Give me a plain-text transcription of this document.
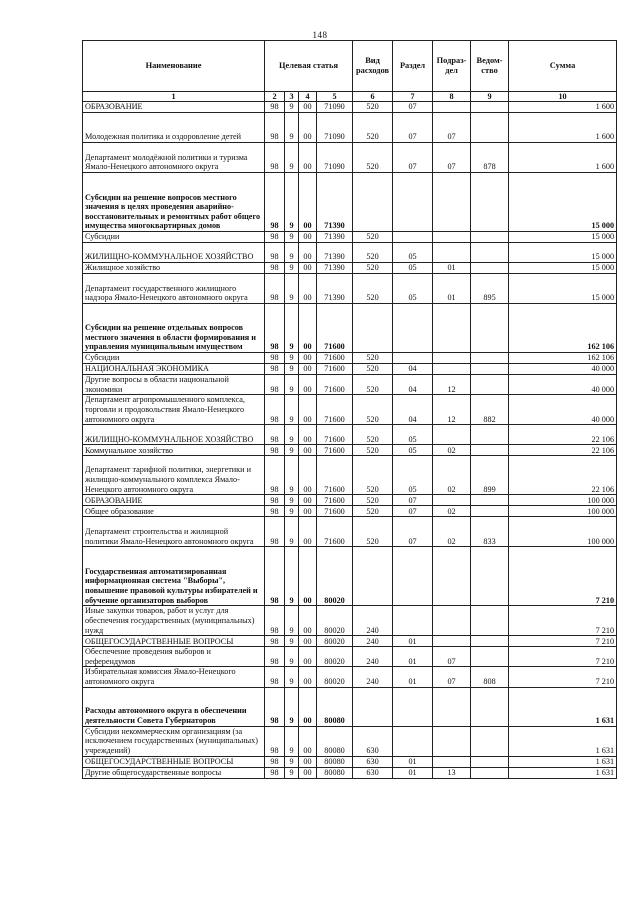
148
Наименование	Целевая статья				Вид расходов	Раздел	Подраз-дел	Ведом-ство	Сумма
1	2	3	4	5	6	7	8	9	10
ОБРАЗОВАНИЕ	98	9	00	71090	520	07			1 600
Молодежная политика и оздоровление детей	98	9	00	71090	520	07	07		1 600
Департамент молодёжной политики и туризма Ямало-Ненецкого автономного округа	98	9	00	71090	520	07	07	878	1 600
Субсидии на решение вопросов местного значения в целях проведения аварийно-восстановительных и ремонтных работ общего имущества многоквартирных домов	98	9	00	71390					15 000
Субсидии	98	9	00	71390	520				15 000
ЖИЛИЩНО-КОММУНАЛЬНОЕ ХОЗЯЙСТВО	98	9	00	71390	520	05			15 000
Жилищное хозяйство	98	9	00	71390	520	05	01		15 000
Департамент государственного жилищного надзора Ямало-Ненецкого автономного округа	98	9	00	71390	520	05	01	895	15 000
Субсидии на решение отдельных вопросов местного значения в области формирования и управления муниципальным имуществом	98	9	00	71600					162 106
Субсидии	98	9	00	71600	520				162 106
НАЦИОНАЛЬНАЯ ЭКОНОМИКА	98	9	00	71600	520	04			40 000
Другие вопросы в области национальной экономики	98	9	00	71600	520	04	12		40 000
Департамент агропромышленного комплекса, торговли и продовольствия Ямало-Ненецкого автономного округа	98	9	00	71600	520	04	12	882	40 000
ЖИЛИЩНО-КОММУНАЛЬНОЕ ХОЗЯЙСТВО	98	9	00	71600	520	05			22 106
Коммунальное хозяйство	98	9	00	71600	520	05	02		22 106
Департамент тарифной политики, энергетики и жилищно-коммунального комплекса Ямало-Ненецкого автономного округа	98	9	00	71600	520	05	02	899	22 106
ОБРАЗОВАНИЕ	98	9	00	71600	520	07			100 000
Общее образование	98	9	00	71600	520	07	02		100 000
Департамент строительства и жилищной политики Ямало-Ненецкого автономного округа	98	9	00	71600	520	07	02	833	100 000
Государственная автоматизированная информационная система "Выборы", повышение правовой культуры избирателей и обучение организаторов выборов	98	9	00	80020					7 210
Иные закупки товаров, работ и услуг для обеспечения государственных (муниципальных) нужд	98	9	00	80020	240				7 210
ОБЩЕГОСУДАРСТВЕННЫЕ ВОПРОСЫ	98	9	00	80020	240	01			7 210
Обеспечение проведения выборов и референдумов	98	9	00	80020	240	01	07		7 210
Избирательная комиссия Ямало-Ненецкого автономного округа	98	9	00	80020	240	01	07	808	7 210
Расходы автономного округа в обеспечении деятельности Совета Губернаторов	98	9	00	80080					1 631
Субсидии некоммерческим организациям (за исключением государственных (муниципальных) учреждений)	98	9	00	80080	630				1 631
ОБЩЕГОСУДАРСТВЕННЫЕ ВОПРОСЫ	98	9	00	80080	630	01			1 631
Другие общегосударственные вопросы	98	9	00	80080	630	01	13		1 631
